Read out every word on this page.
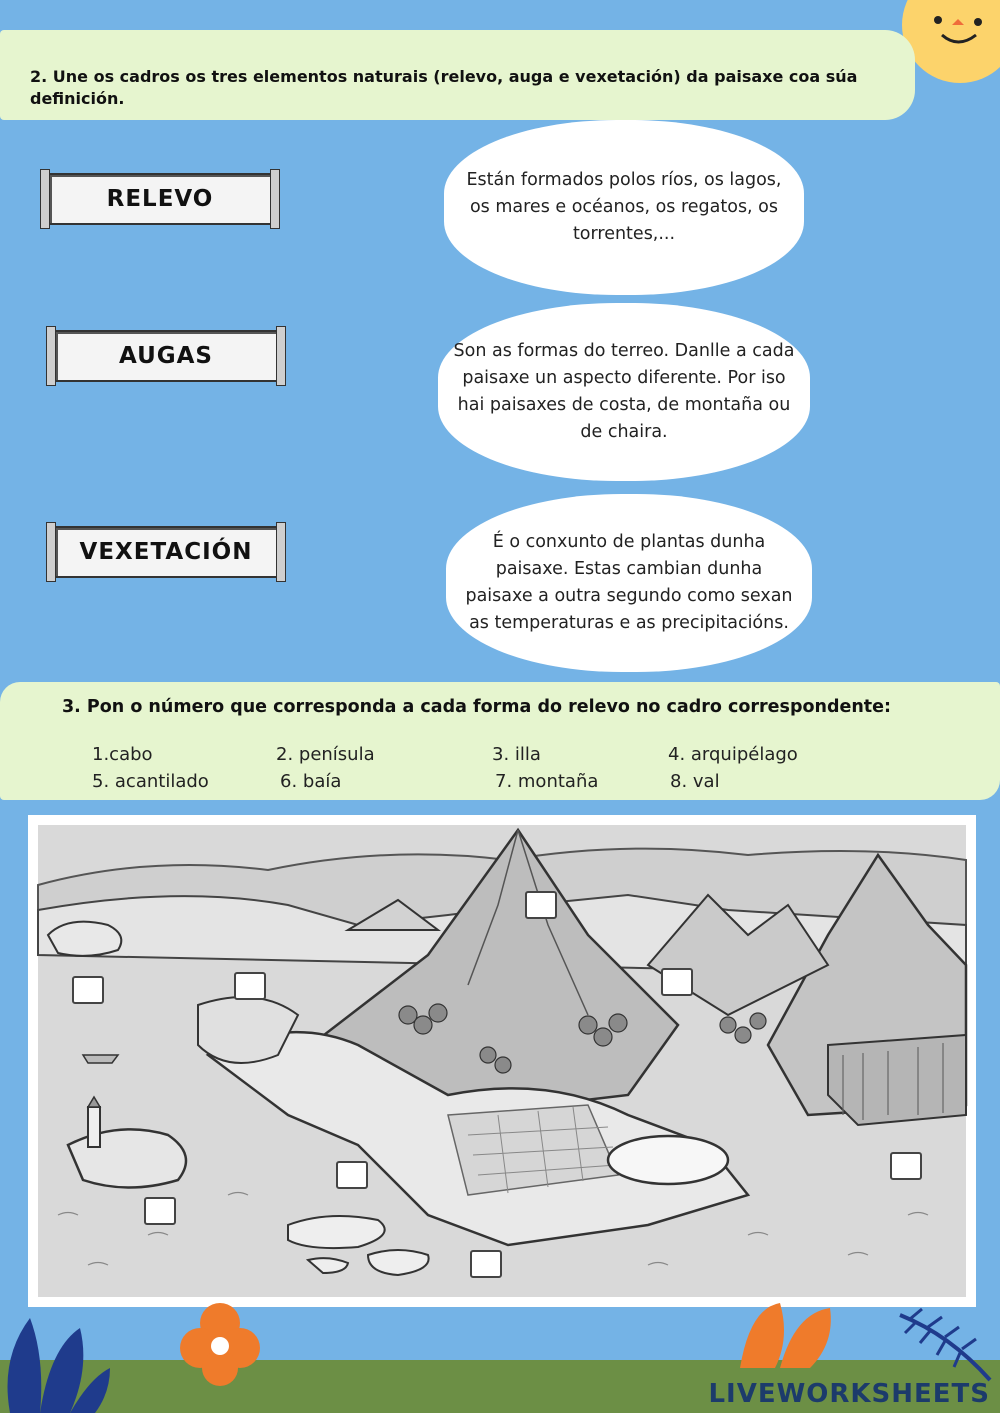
2. Une os cadros os tres elementos naturais (relevo, auga e vexetación) da paisaxe coa súa definición.
RELEVO
AUGAS
VEXETACIÓN
Están formados polos ríos, os lagos, os mares e océanos, os regatos, os torrentes,...
Son as formas do terreo. Danlle a cada paisaxe un aspecto diferente. Por iso hai paisaxes de costa, de montaña ou de chaira.
É o conxunto de plantas dunha paisaxe. Estas cambian dunha paisaxe a outra segundo como sexan as temperaturas e as precipitacións.
3. Pon o número que corresponda a cada forma do relevo no cadro correspondente:
1.cabo	2. penísula	3. illa	4. arquipélago
5. acantilado	6. baía	7. montaña	8. val
LIVEWORKSHEETS
